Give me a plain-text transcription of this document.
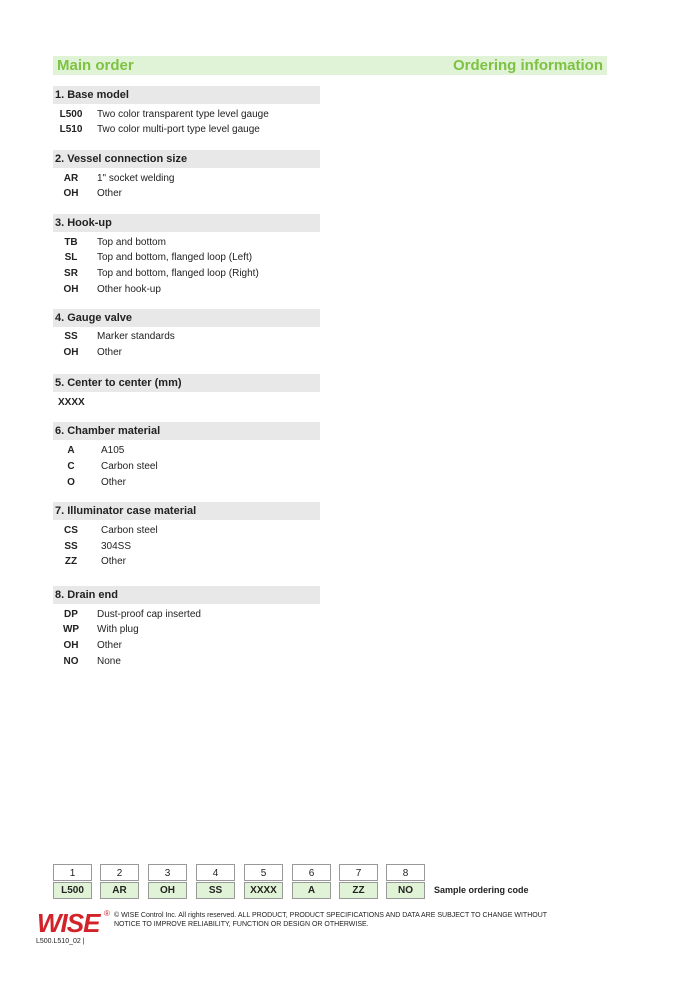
Main order	Ordering information
1. Base model
L500	Two color transparent type level gauge
L510	Two color multi-port type level gauge
2. Vessel connection size
AR	1" socket welding
OH	Other
3. Hook-up
TB	Top and bottom
SL	Top and bottom, flanged loop (Left)
SR	Top and bottom, flanged loop (Right)
OH	Other hook-up
4. Gauge valve
SS	Marker standards
OH	Other
5. Center to center (mm)
XXXX
6. Chamber material
A	A105
C	Carbon steel
O	Other
7. Illuminator case material
CS	Carbon steel
SS	304SS
ZZ	Other
8. Drain end
DP	Dust-proof cap inserted
WP	With plug
OH	Other
NO	None
1	2	3	4	5	6	7	8
L500	AR	OH	SS	XXXX	A	ZZ	NO	Sample ordering code
WISE ® © WISE Control Inc. All rights reserved. ALL PRODUCT, PRODUCT SPECIFICATIONS AND DATA ARE SUBJECT TO CHANGE WITHOUT
NOTICE TO IMPROVE RELIABILITY, FUNCTION OR DESIGN OR OTHERWISE.
L500.L510_02 |
